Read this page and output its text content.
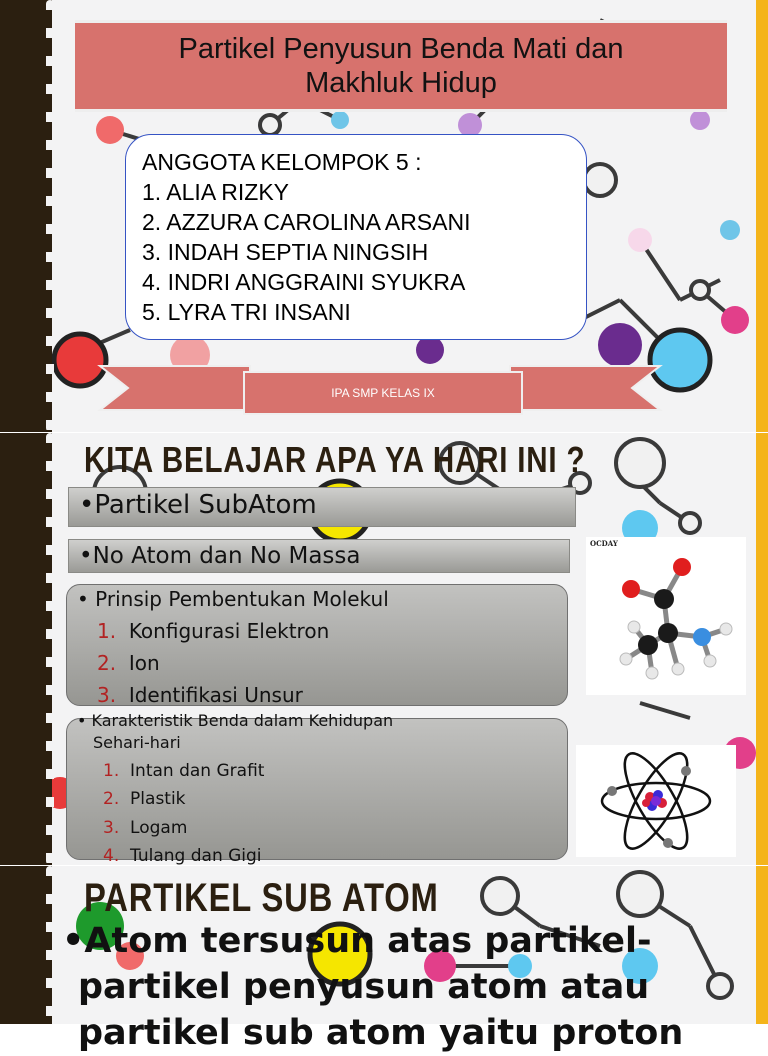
Partikel Penyusun Benda Mati dan
Makhluk Hidup
ANGGOTA KELOMPOK 5 :
1. ALIA RIZKY
2. AZZURA CAROLINA ARSANI
3. INDAH SEPTIA NINGSIH
4. INDRI ANGGRAINI SYUKRA
5. LYRA TRI INSANI
IPA SMP KELAS IX
KITA BELAJAR APA YA HARI INI ?
•Partikel SubAtom
•No Atom dan No Massa
• Prinsip Pembentukan Molekul
1. Konfigurasi Elektron
2. Ion
3. Identifikasi Unsur
• Karakteristik Benda dalam Kehidupan
Sehari-hari
1. Intan dan Grafit
2. Plastik
3. Logam
4. Tulang dan Gigi
OCDAY
PARTIKEL SUB ATOM
•Atom tersusun atas partikel-
partikel penyusun atom atau
partikel sub atom yaitu proton
